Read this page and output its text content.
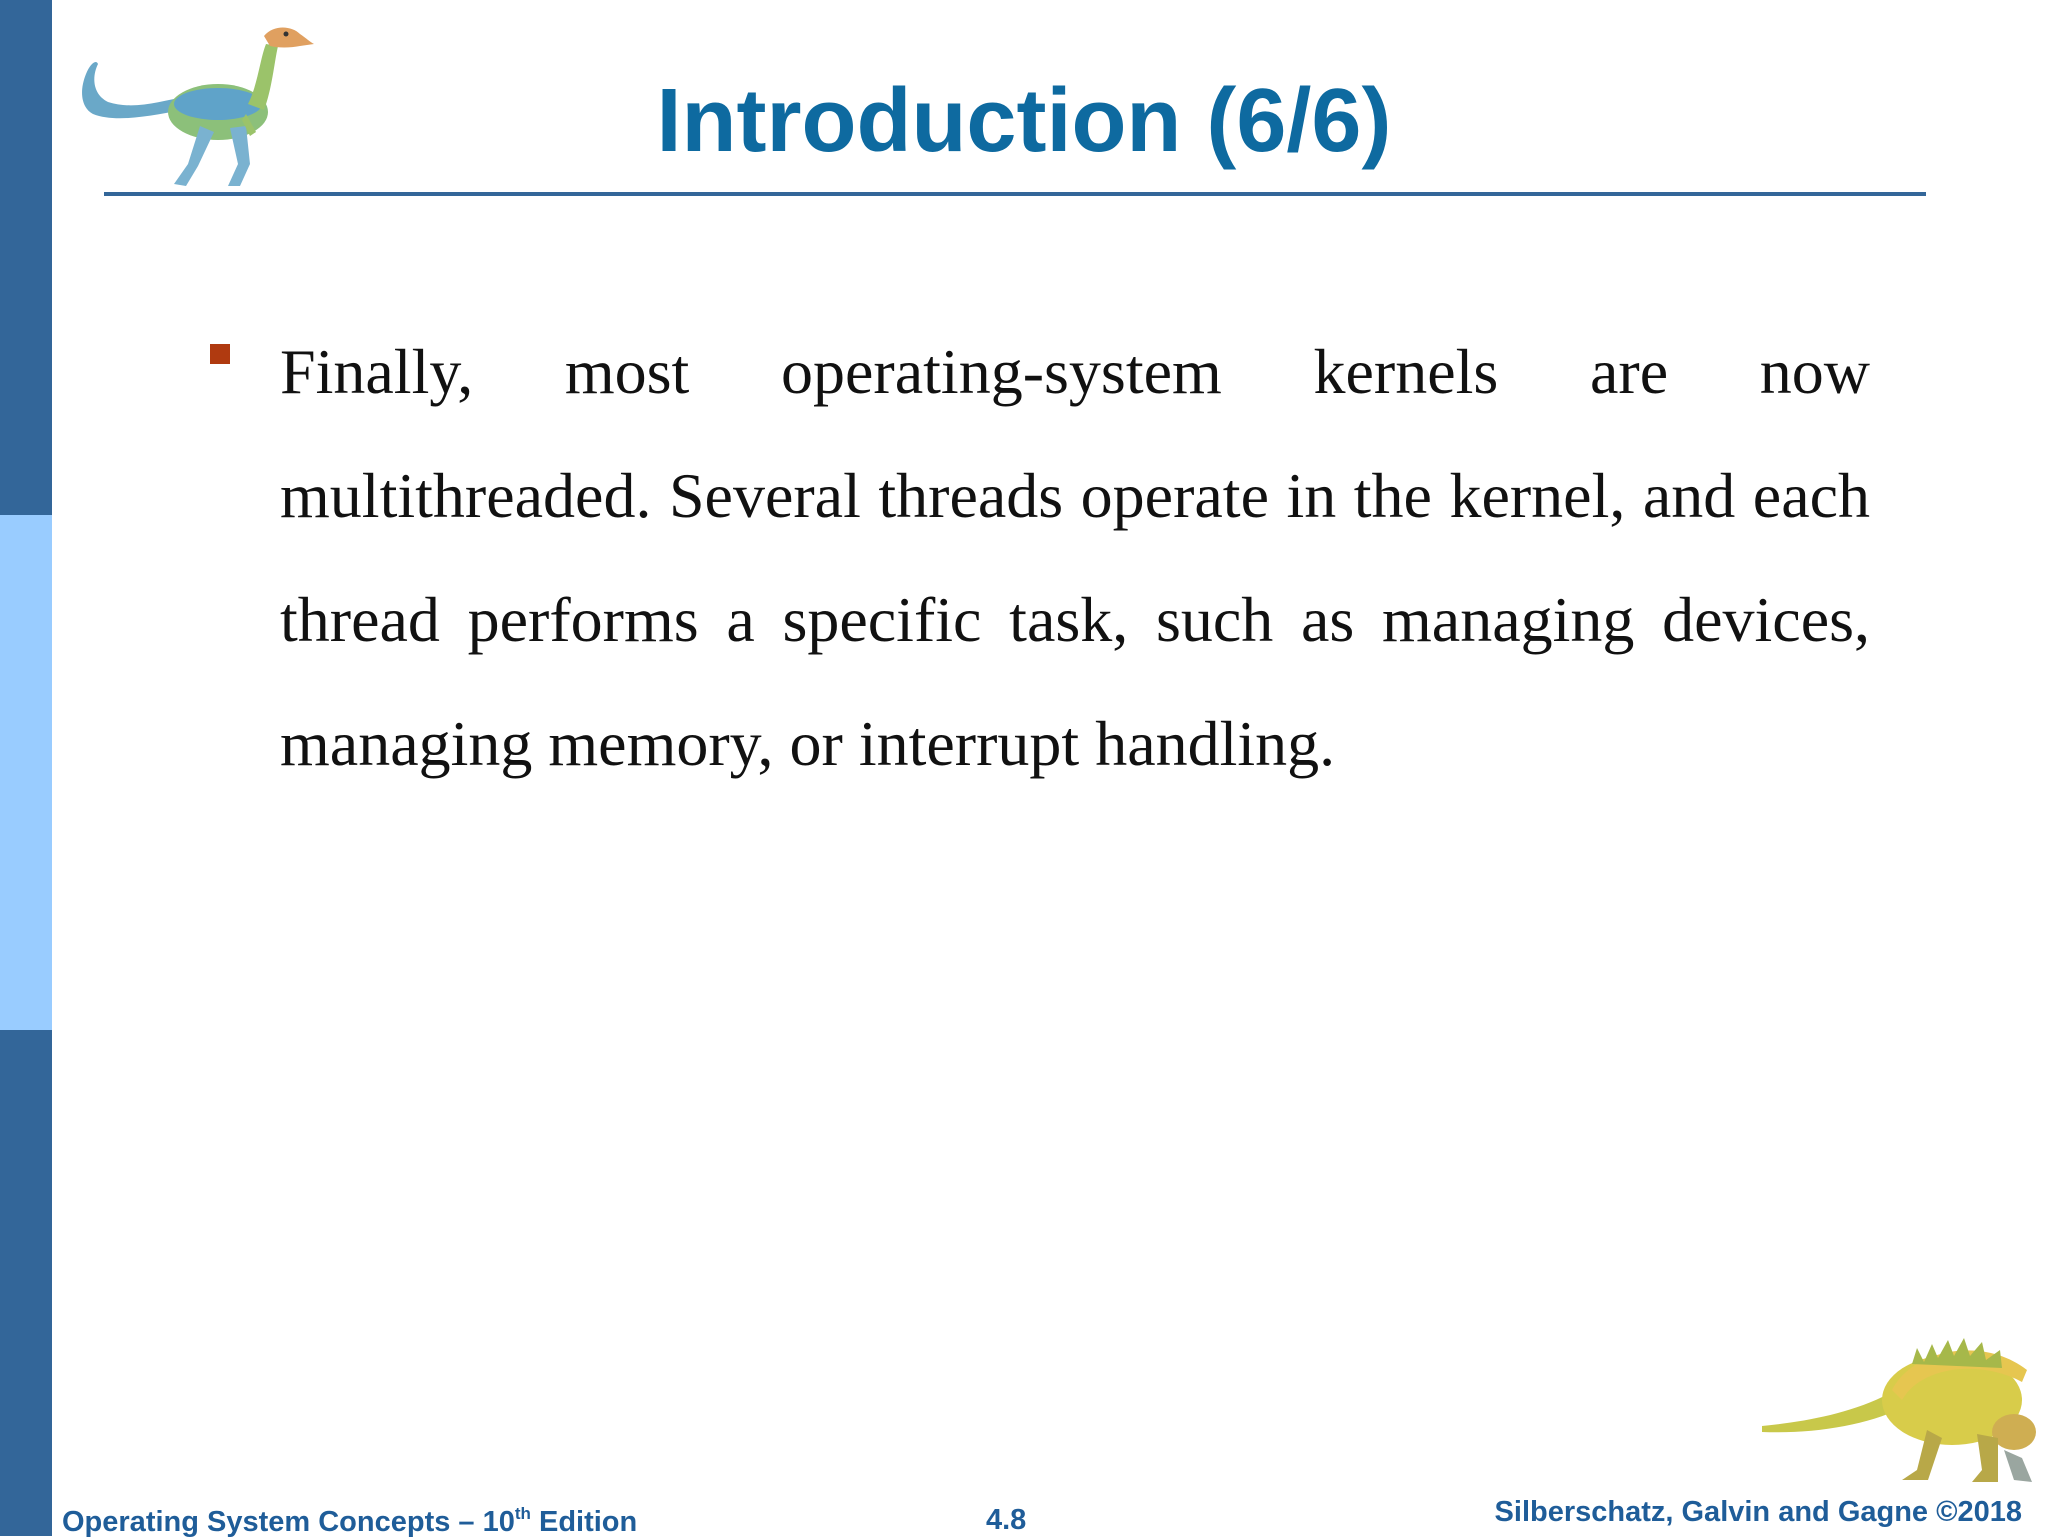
Introduction (6/6)
Finally, most operating-system kernels are now multithreaded. Several threads operate in the kernel, and each thread performs a specific task, such as managing devices, managing memory, or interrupt handling.
Operating System Concepts – 10th Edition	4.8	Silberschatz, Galvin and Gagne ©2018
